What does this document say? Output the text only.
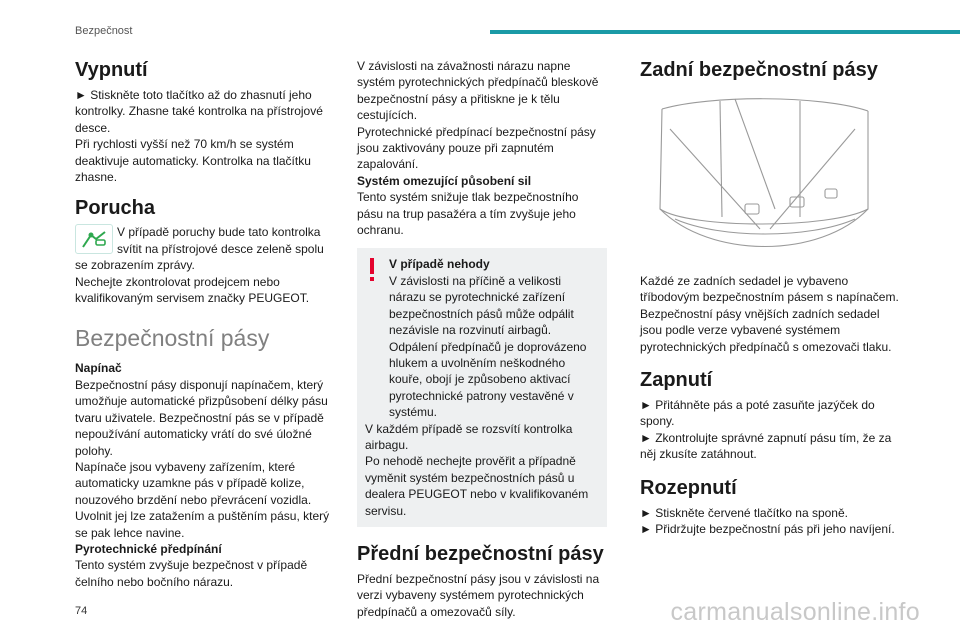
Bezpečnost
Vypnutí

► Stiskněte toto tlačítko až do zhasnutí jeho kontrolky. Zhasne také kontrolka na přístrojové desce.

Při rychlosti vyšší než 70 km/h se systém deaktivuje automaticky. Kontrolka na tlačítku zhasne.

Porucha

V případě poruchy bude tato kontrolka svítit na přístrojové desce zeleně spolu se zobrazením zprávy.

Nechejte zkontrolovat prodejcem nebo kvalifikovaným servisem značky PEUGEOT.

Bezpečnostní pásy

Napínač

Bezpečnostní pásy disponují napínačem, který umožňuje automatické přizpůsobení délky pásu tvaru uživatele. Bezpečnostní pás se v případě nepoužívání automaticky vrátí do své úložné polohy.

Napínače jsou vybaveny zařízením, které automaticky uzamkne pás v případě kolize, nouzového brzdění nebo převrácení vozidla. Uvolnit jej lze zatažením a puštěním pásu, který se pak lehce navine.

Pyrotechnické předpínání

Tento systém zvyšuje bezpečnost v případě čelního nebo bočního nárazu.

V závislosti na závažnosti nárazu napne systém pyrotechnických předpínačů bleskově bezpečnostní pásy a přitiskne je k tělu cestujících.

Pyrotechnické předpínací bezpečnostní pásy jsou zaktivovány pouze při zapnutém zapalování.

Systém omezující působení sil

Tento systém snižuje tlak bezpečnostního pásu na trup pasažéra a tím zvyšuje jeho ochranu.

V případě nehody

V závislosti na příčině a velikosti nárazu se pyrotechnické zařízení bezpečnostních pásů může odpálit nezávisle na rozvinutí airbagů. Odpálení předpínačů je doprovázeno hlukem a uvolněním neškodného kouře, obojí je způsobeno aktivací pyrotechnické patrony vestavěné v systému.

V každém případě se rozsvítí kontrolka airbagu.

Po nehodě nechejte prověřit a případně vyměnit systém bezpečnostních pásů u dealera PEUGEOT nebo v kvalifikovaném servisu.

Přední bezpečnostní pásy

Přední bezpečnostní pásy jsou v závislosti na verzi vybaveny systémem pyrotechnických předpínačů a omezovačů síly.

Zadní bezpečnostní pásy

Každé ze zadních sedadel je vybaveno tříbodovým bezpečnostním pásem s napínačem. Bezpečnostní pásy vnějších zadních sedadel jsou podle verze vybavené systémem pyrotechnických předpínačů s omezovači tlaku.

Zapnutí

► Přitáhněte pás a poté zasuňte jazýček do spony.

► Zkontrolujte správné zapnutí pásu tím, že za něj zkusíte zatáhnout.

Rozepnutí

► Stiskněte červené tlačítko na sponě.

► Přidržujte bezpečnostní pás při jeho navíjení.

74	carmanualsonline.info
